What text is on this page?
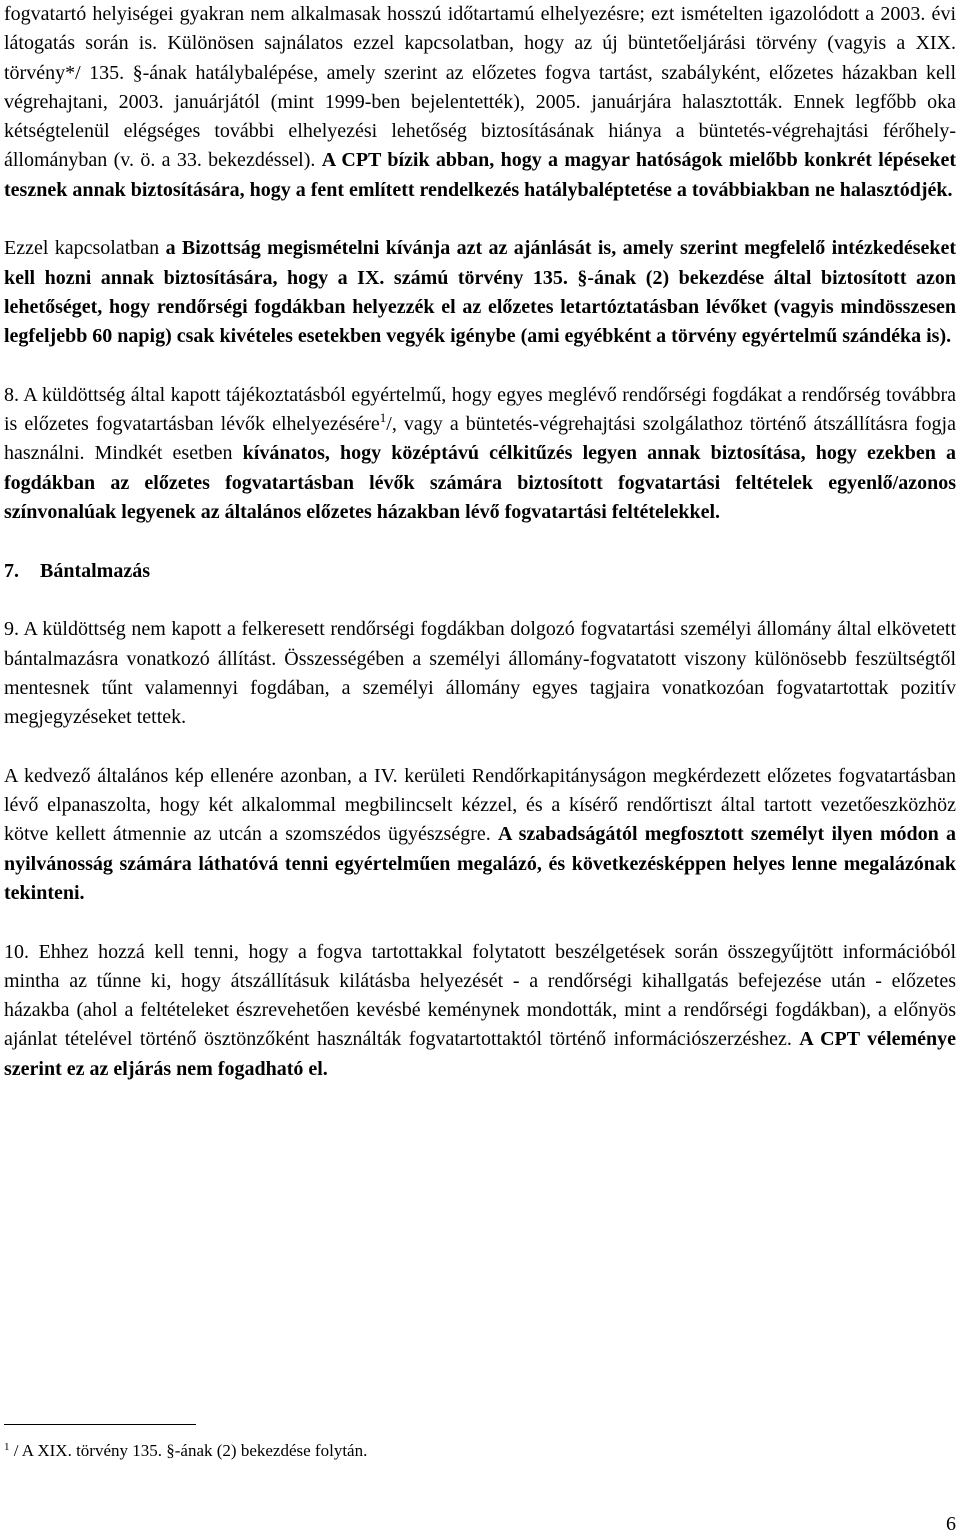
fogvatartó helyiségei gyakran nem alkalmasak hosszú időtartamú elhelyezésre; ezt ismételten igazolódott a 2003. évi látogatás során is. Különösen sajnálatos ezzel kapcsolatban, hogy az új büntetőeljárási törvény (vagyis a XIX. törvény*/ 135. §-ának hatálybalépése, amely szerint az előzetes fogva tartást, szabályként, előzetes házakban kell végrehajtani, 2003. januárjától (mint 1999-ben bejelentették), 2005. januárjára halasztották. Ennek legfőbb oka kétségtelenül elégséges további elhelyezési lehetőség biztosításának hiánya a büntetés-végrehajtási férőhely-állományban (v. ö. a 33. bekezdéssel). A CPT bízik abban, hogy a magyar hatóságok mielőbb konkrét lépéseket tesznek annak biztosítására, hogy a fent említett rendelkezés hatálybaléptetése a továbbiakban ne halasztódjék.

Ezzel kapcsolatban a Bizottság megismételni kívánja azt az ajánlását is, amely szerint megfelelő intézkedéseket kell hozni annak biztosítására, hogy a IX. számú törvény 135. §-ának (2) bekezdése által biztosított azon lehetőséget, hogy rendőrségi fogdákban helyezzék el az előzetes letartóztatásban lévőket (vagyis mindösszesen legfeljebb 60 napig) csak kivételes esetekben vegyék igénybe (ami egyébként a törvény egyértelmű szándéka is).

8. A küldöttség által kapott tájékoztatásból egyértelmű, hogy egyes meglévő rendőrségi fogdákat a rendőrség továbbra is előzetes fogvatartásban lévők elhelyezésére$^1$/, vagy a büntetés-végrehajtási szolgálathoz történő átszállításra fogja használni. Mindkét esetben kívánatos, hogy középtávú célkitűzés legyen annak biztosítása, hogy ezekben a fogdákban az előzetes fogvatartásban lévők számára biztosított fogvatartási feltételek egyenlő/azonos színvonalúak legyenek az általános előzetes házakban lévő fogvatartási feltételekkel.

7. Bántalmazás

9. A küldöttség nem kapott a felkeresett rendőrségi fogdákban dolgozó fogvatartási személyi állomány által elkövetett bántalmazásra vonatkozó állítást. Összességében a személyi állomány-fogvatatott viszony különösebb feszültségtől mentesnek tűnt valamennyi fogdában, a személyi állomány egyes tagjaira vonatkozóan fogvatartottak pozitív megjegyzéseket tettek.

A kedvező általános kép ellenére azonban, a IV. kerületi Rendőrkapitányságon megkérdezett előzetes fogvatartásban lévő elpanaszolta, hogy két alkalommal megbilincselt kézzel, és a kísérő rendőrtiszt által tartott vezetőeszközhöz kötve kellett átmennie az utcán a szomszédos ügyészségre. A szabadságától megfosztott személyt ilyen módon a nyilvánosság számára láthatóvá tenni egyértelműen megalázó, és következésképpen helyes lenne megalázónak tekinteni.

10. Ehhez hozzá kell tenni, hogy a fogva tartottakkal folytatott beszélgetések során összegyűjtött információból mintha az tűnne ki, hogy átszállításuk kilátásba helyezését - a rendőrségi kihallgatás befejezése után - előzetes házakba (ahol a feltételeket észrevehetően kevésbé keménynek mondották, mint a rendőrségi fogdákban), a előnyös ajánlat tételével történő ösztönzőként használták fogvatartottaktól történő információszerzéshez. A CPT véleménye szerint ez az eljárás nem fogadható el.

$^1$ / A XIX. törvény 135. §-ának (2) bekezdése folytán.
6
